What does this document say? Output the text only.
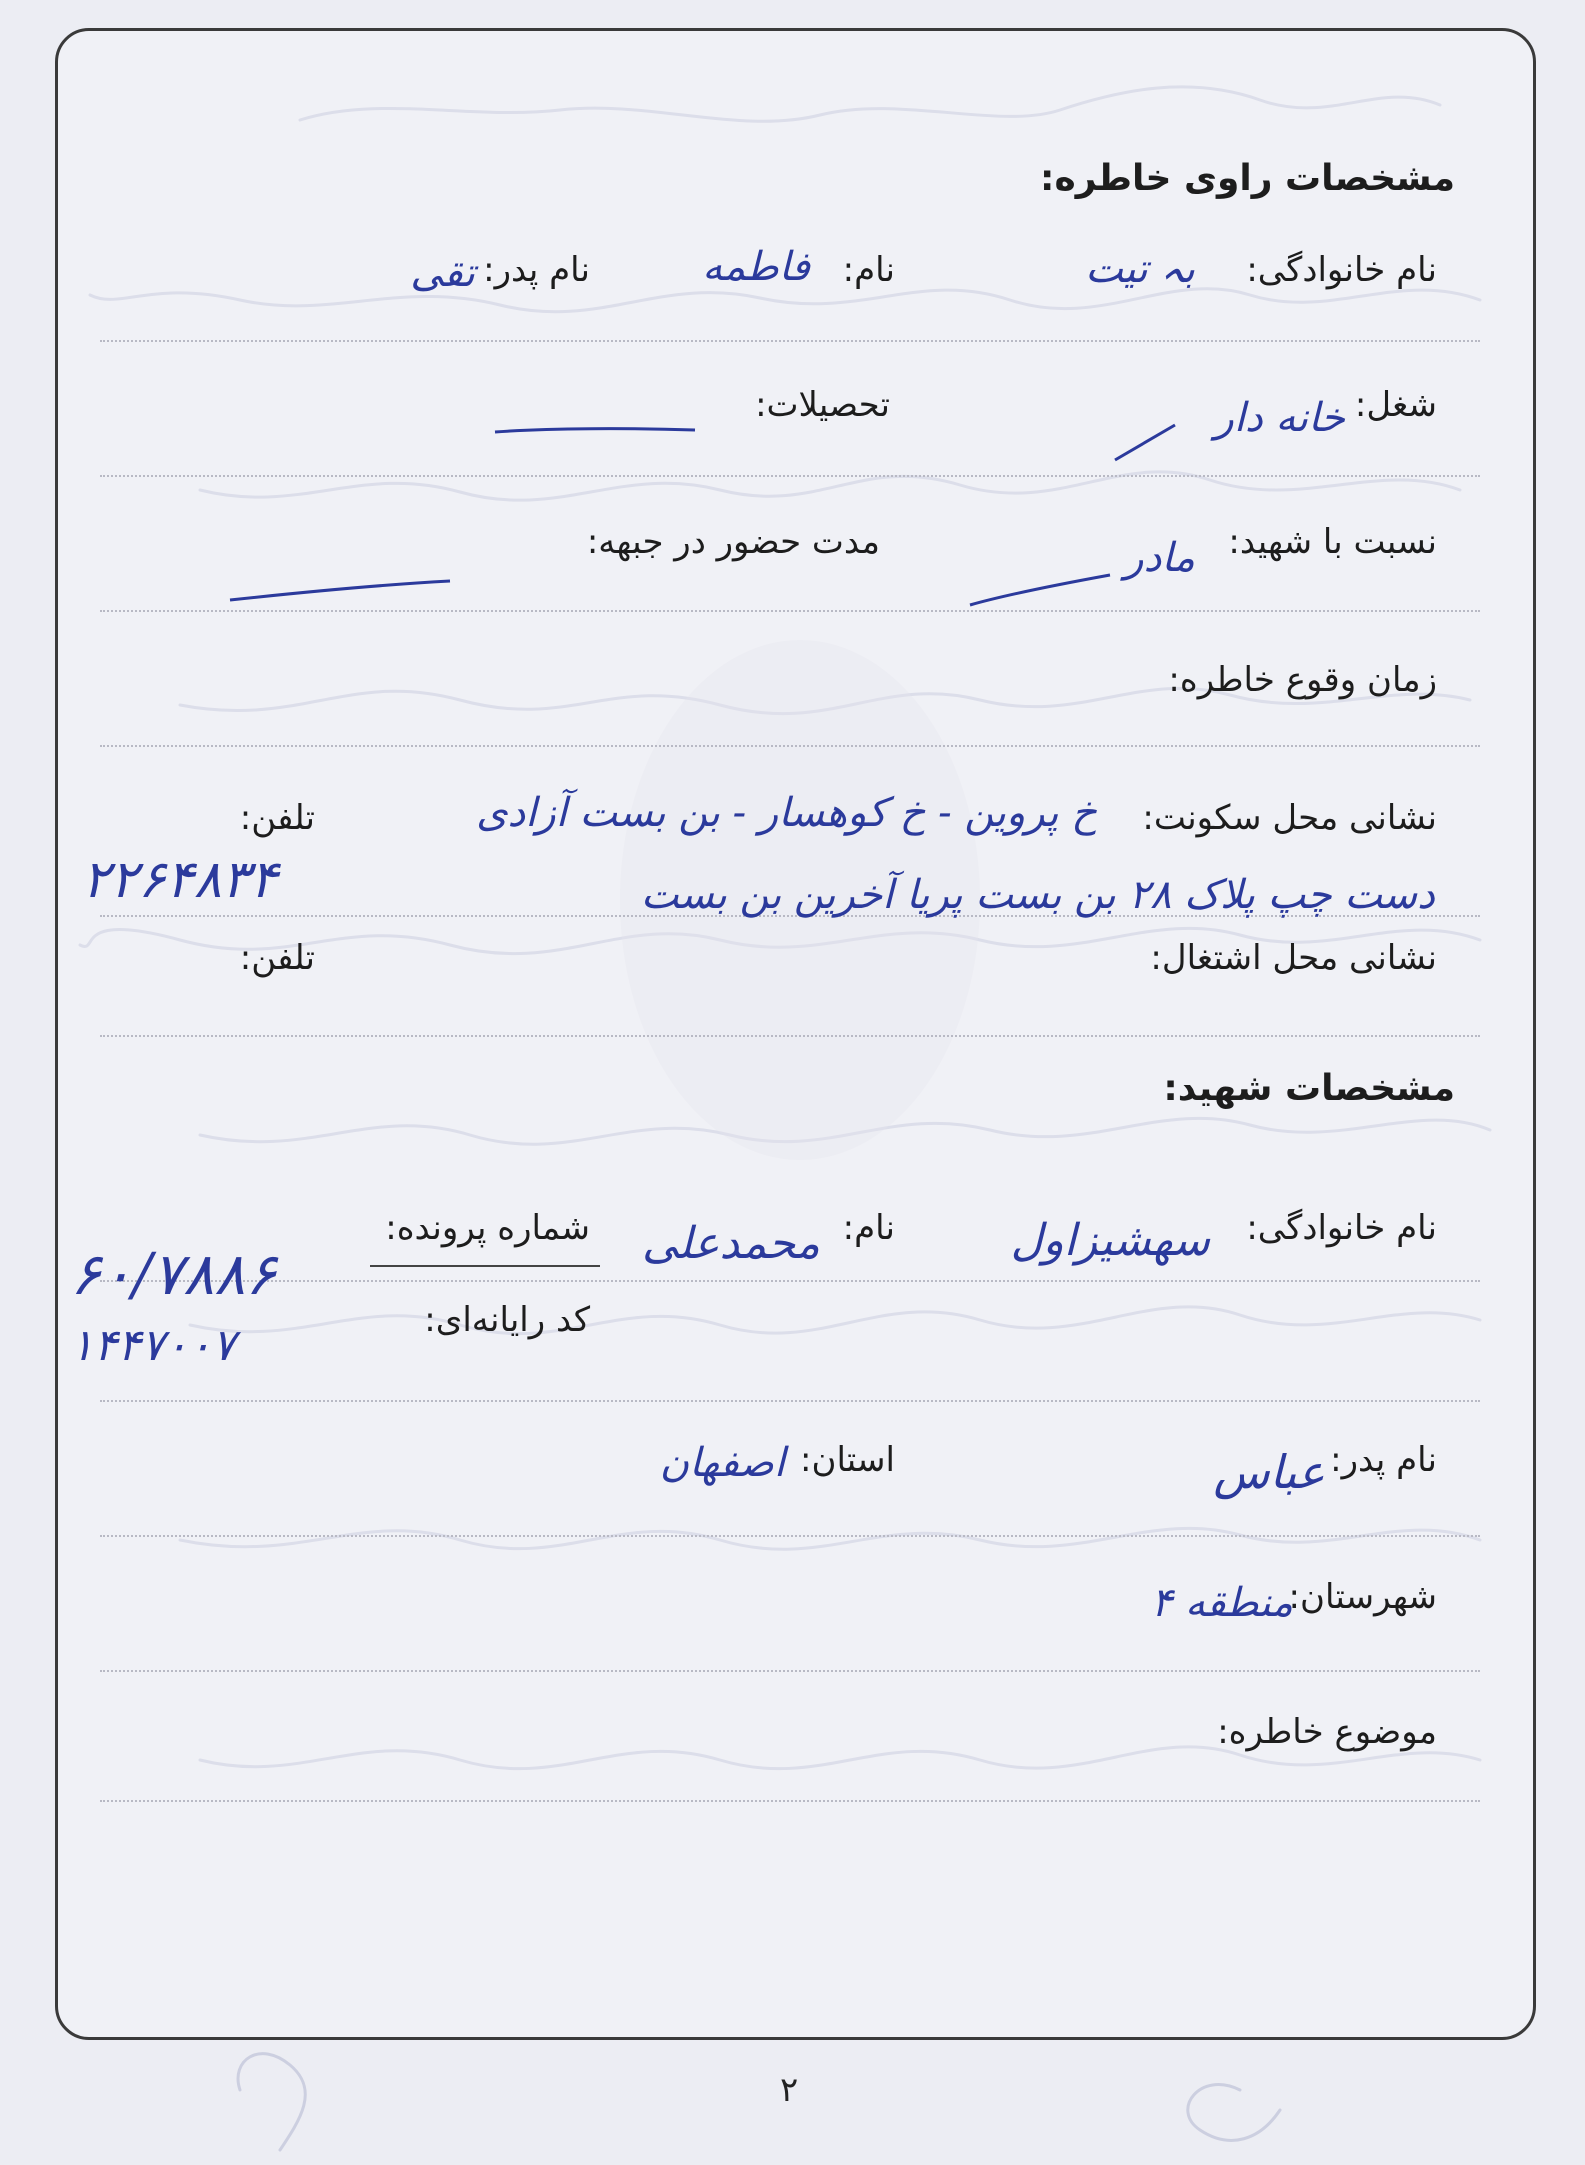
مشخصات راوی خاطره:
نام خانوادگی:
بہ تیت
نام:
فاطمه
نام پدر:
تقی
شغل:
خانه دار
تحصیلات:
نسبت با شهید:
مادر
مدت حضور در جبهه:
زمان وقوع خاطره:
نشانی محل سکونت:
خ پروین - خ کوهسار - بن بست آزادی
تلفن:
۲۲۶۴۸۳۴	دست چپ پلاک ۲۸ بن بست پریا آخرین بن بست
نشانی محل اشتغال:
تلفن:
مشخصات شهید:
نام خانوادگی:
سهشیزاول
نام:
محمدعلی
شماره پرونده:
۶۰/۷۸۸۶
کد رایانه‌ای:
۱۴۴۷۰۰۷
نام پدر:
عباس
استان:
اصفهان
شهرستان:
منطقه ۴
موضوع خاطره:
۲
